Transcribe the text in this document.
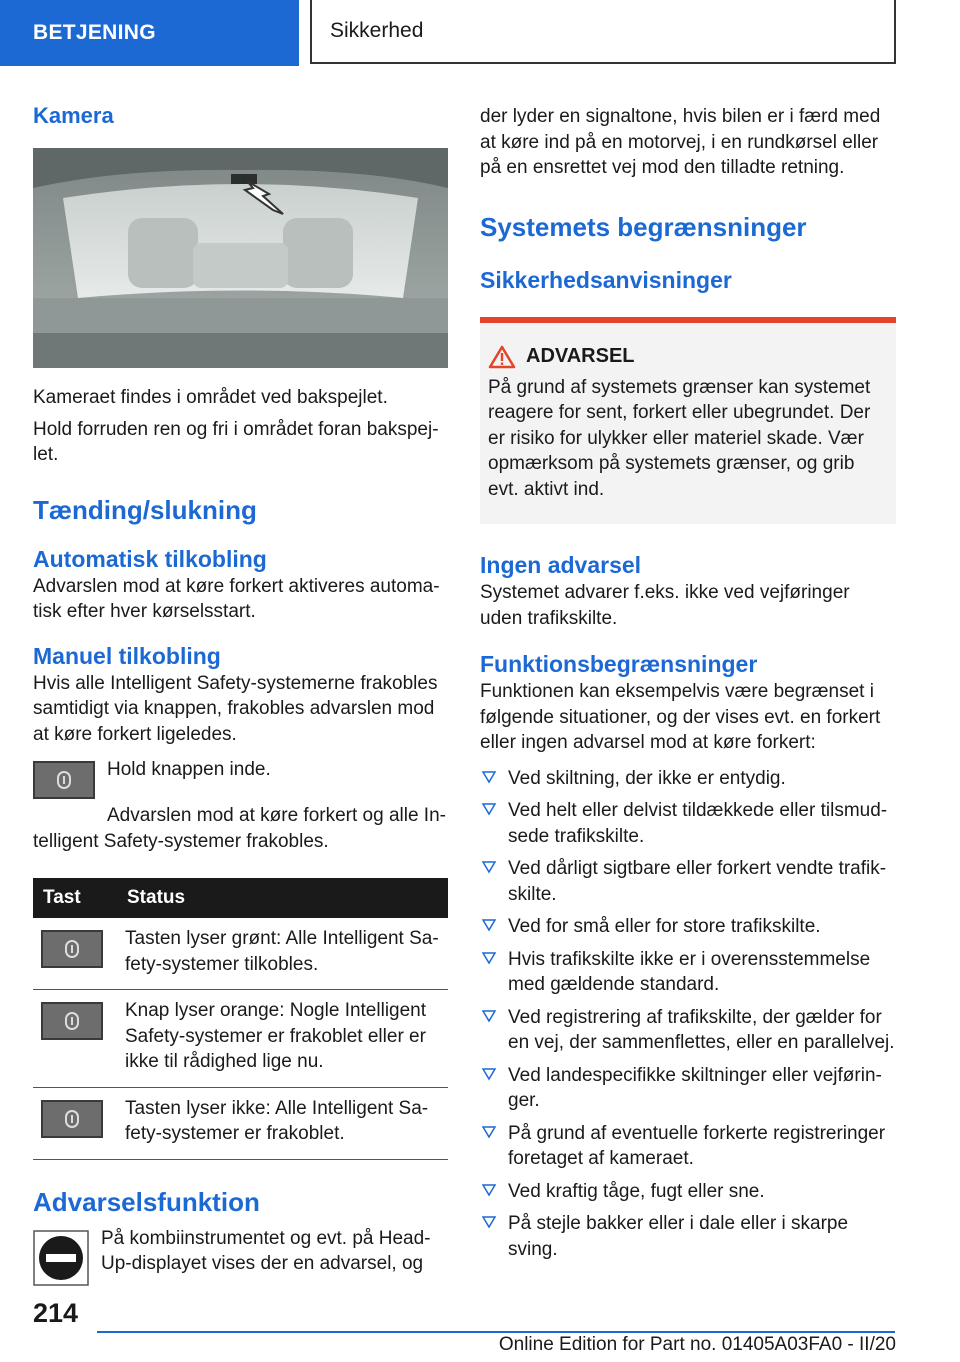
BETJENING	Sikkerhed
Kamera

Kameraet findes i området ved bakspejlet.

Hold forruden ren og fri i området foran bakspejlet.

Tænding/slukning
Automatisk tilkobling

Advarslen mod at køre forkert aktiveres automatisk efter hver kørselsstart.

Manuel tilkobling

Hvis alle Intelligent Safety-systemerne frakobles samtidigt via knappen, frakobles advarslen mod at køre forkert ligeledes.

Hold knappen inde.

Advarslen mod at køre forkert og alle Intelligent Safety-systemer frakobles.

Tast	Status

	Tasten lyser grønt: Alle Intelligent Safety-systemer tilkobles.

	Knap lyser orange: Nogle Intelligent Safety-systemer er frakoblet eller er ikke til rådighed lige nu.

	Tasten lyser ikke: Alle Intelligent Safety-systemer er frakoblet.
Advarselsfunktion

På kombiinstrumentet og evt. på Head-Up-displayet vises der en advarsel, og

der lyder en signaltone, hvis bilen er i færd med at køre ind på en motorvej, i en rundkørsel eller på en ensrettet vej mod den tilladte retning.

Systemets begrænsninger
Sikkerhedsanvisninger
ADVARSEL

På grund af systemets grænser kan systemet reagere for sent, forkert eller ubegrundet. Der er risiko for ulykker eller materiel skade. Vær opmærksom på systemets grænser, og grib evt. aktivt ind.

Ingen advarsel

Systemet advarer f.eks. ikke ved vejføringer uden trafikskilte.

Funktionsbegrænsninger

Funktionen kan eksempelvis være begrænset i følgende situationer, og der vises evt. en forkert eller ingen advarsel mod at køre forkert:

Ved skiltning, der ikke er entydig.
Ved helt eller delvist tildækkede eller tilsmudsede trafikskilte.
Ved dårligt sigtbare eller forkert vendte trafikskilte.
Ved for små eller for store trafikskilte.
Hvis trafikskilte ikke er i overensstemmelse med gældende standard.
Ved registrering af trafikskilte, der gælder for en vej, der sammenflettes, eller en parallelvej.
Ved landespecifikke skiltninger eller vejføringer.
På grund af eventuelle forkerte registreringer foretaget af kameraet.
Ved kraftig tåge, fugt eller sne.
På stejle bakker eller i dale eller i skarpe sving.
214
Online Edition for Part no. 01405A03FA0 - II/20
